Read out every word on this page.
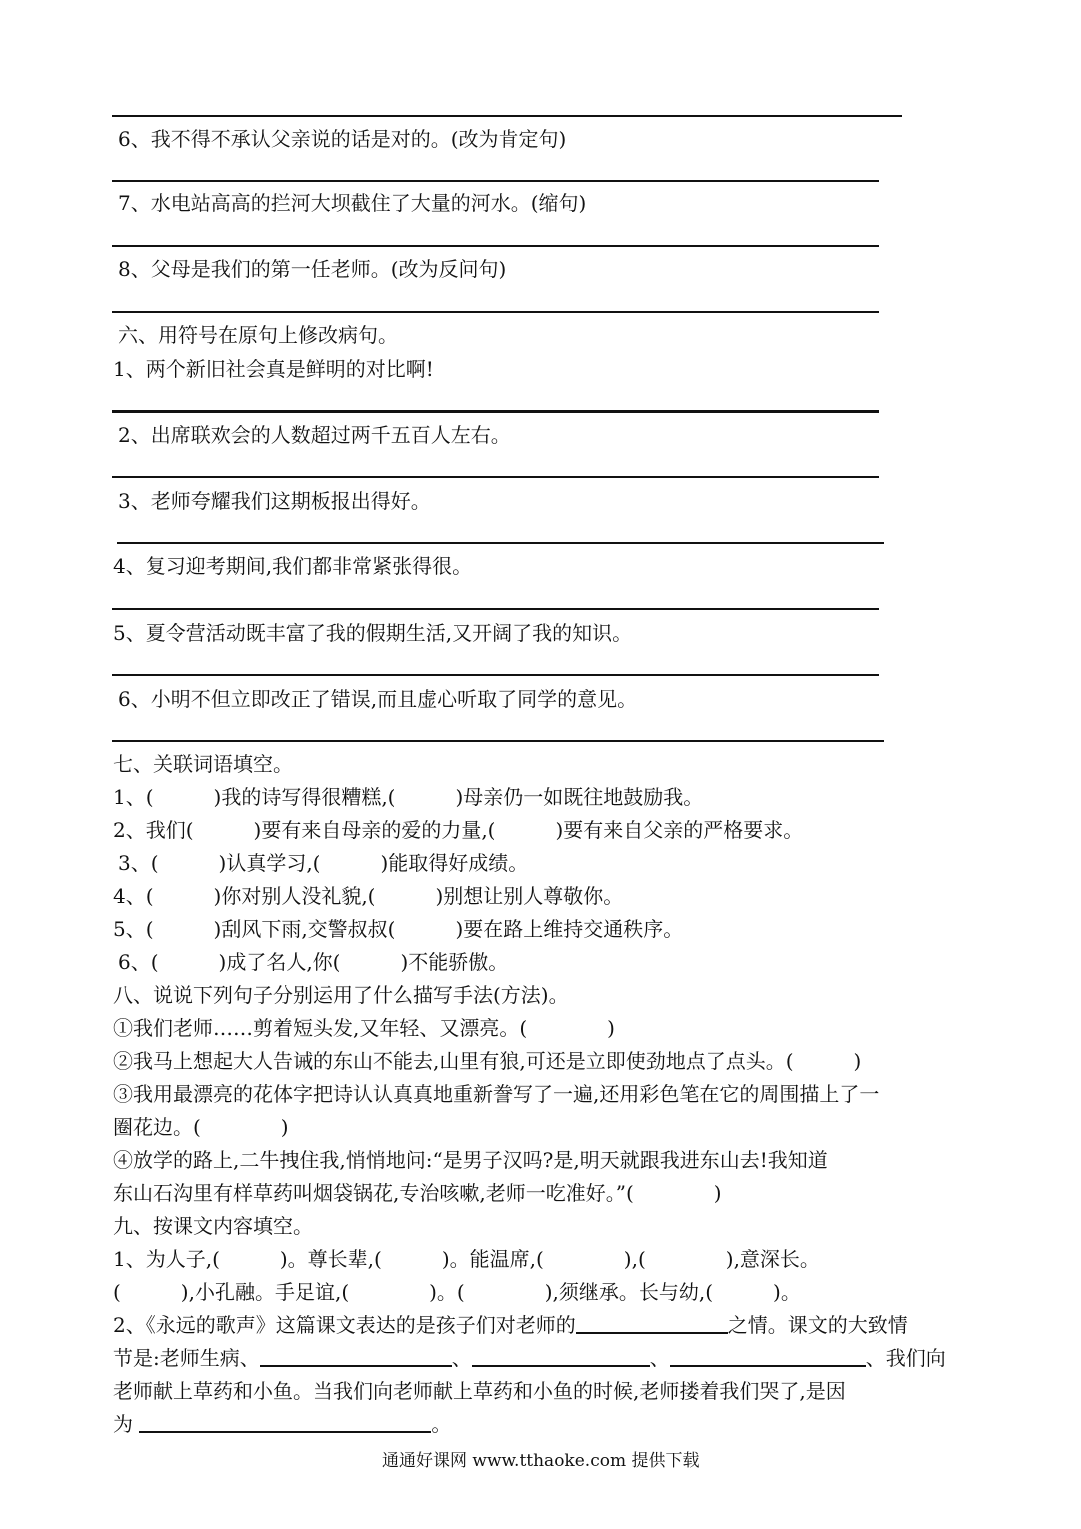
6、我不得不承认父亲说的话是对的。(改为肯定句)
7、水电站高高的拦河大坝截住了大量的河水。(缩句)
8、父母是我们的第一任老师。(改为反问句)
六、用符号在原句上修改病句。
1、两个新旧社会真是鲜明的对比啊!
2、出席联欢会的人数超过两千五百人左右。
3、老师夸耀我们这期板报出得好。
4、复习迎考期间,我们都非常紧张得很。
5、夏令营活动既丰富了我的假期生活,又开阔了我的知识。
6、小明不但立即改正了错误,而且虚心听取了同学的意见。
七、关联词语填空。
1、(　　　)我的诗写得很糟糕,(　　　)母亲仍一如既往地鼓励我。
2、我们(　　　)要有来自母亲的爱的力量,(　　　)要有来自父亲的严格要求。
3、(　　　)认真学习,(　　　)能取得好成绩。
4、(　　　)你对别人没礼貌,(　　　)别想让别人尊敬你。
5、(　　　)刮风下雨,交警叔叔(　　　)要在路上维持交通秩序。
6、(　　　)成了名人,你(　　　)不能骄傲。
八、说说下列句子分别运用了什么描写手法(方法)。
①我们老师……剪着短头发,又年轻、又漂亮。(　　　　)
②我马上想起大人告诫的东山不能去,山里有狼,可还是立即使劲地点了点头。(　　　)
③我用最漂亮的花体字把诗认认真真地重新誊写了一遍,还用彩色笔在它的周围描上了一
圈花边。(　　　　)
④放学的路上,二牛拽住我,悄悄地问:“是男子汉吗?是,明天就跟我进东山去!我知道
东山石沟里有样草药叫烟袋锅花,专治咳嗽,老师一吃准好。”(　　　　)
九、按课文内容填空。
1、为人子,(　　　)。尊长辈,(　　　)。能温席,(　　　　),(　　　　),意深长。
(　　　),小孔融。手足谊,(　　　　)。(　　　　),须继承。长与幼,(　　　)。
2、《永远的歌声》这篇课文表达的是孩子们对老师的	之情。课文的大致情
节是:老师生病、	、	、	、我们向
老师献上草药和小鱼。当我们向老师献上草药和小鱼的时候,老师搂着我们哭了,是因
为	。
通通好课网 www.tthaoke.com 提供下载
